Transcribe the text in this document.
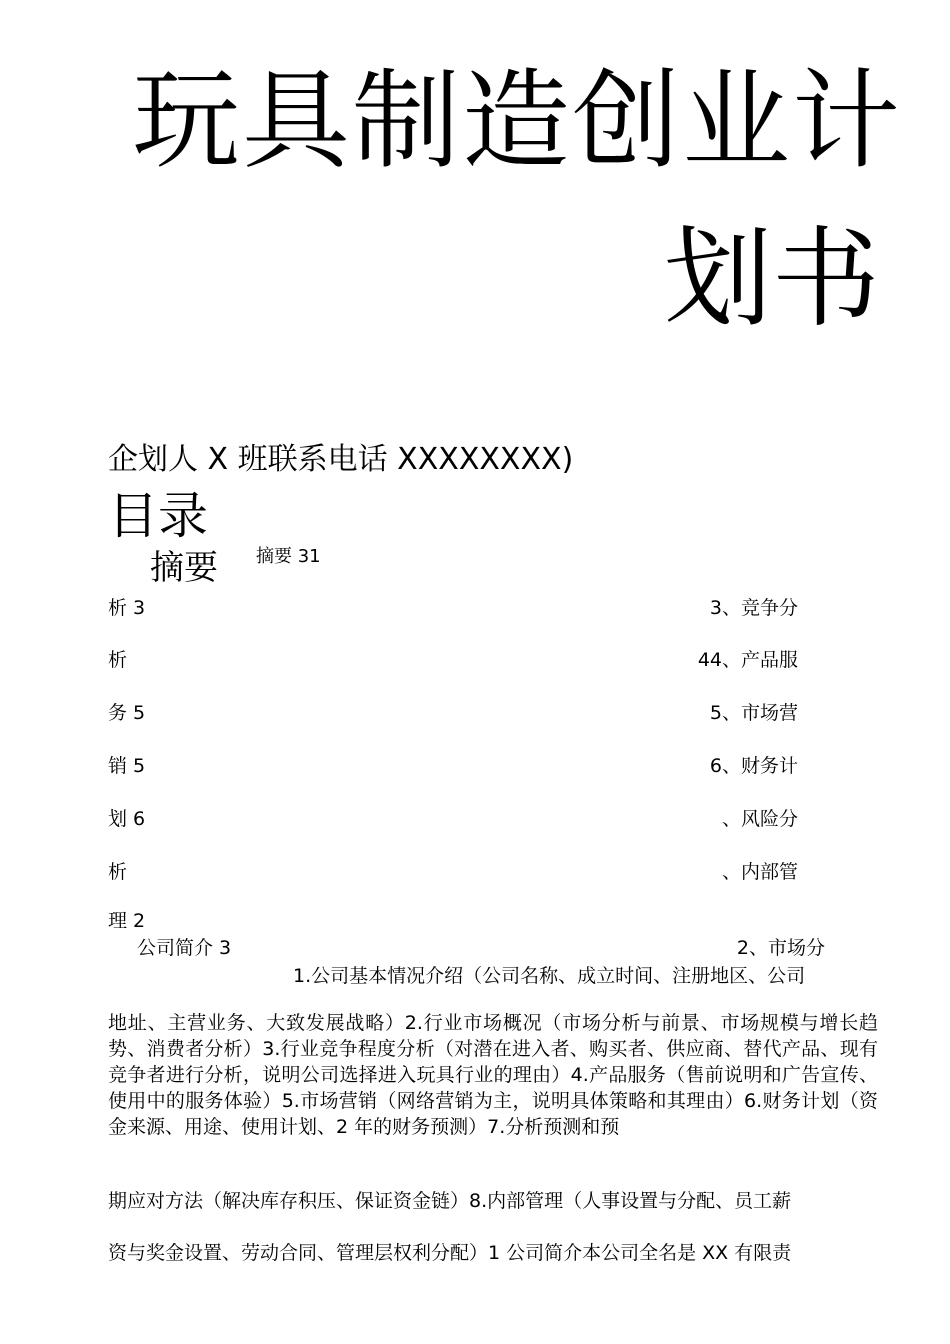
玩具制造创业计
划书
企划人 X 班联系电话 XXXXXXXX)
目录
摘要 摘要 31
析 3	3、竞争分
析	44、产品服
务 5	5、市场营
销 5	6、财务计
划 6	、风险分
析	、内部管
理 2
公司简介 3	2、市场分
1.公司基本情况介绍（公司名称、成立时间、注册地区、公司
地址、主营业务、大致发展战略）2.行业市场概况（市场分析与前景、市场规模与增长趋势、消费者分析）3.行业竞争程度分析（对潜在进入者、购买者、供应商、替代产品、现有竞争者进行分析，说明公司选择进入玩具行业的理由）4.产品服务（售前说明和广告宣传、使用中的服务体验）5.市场营销（网络营销为主，说明具体策略和其理由）6.财务计划（资金来源、用途、使用计划、2 年的财务预测）7.分析预测和预
期应对方法（解决库存积压、保证资金链）8.内部管理（人事设置与分配、员工薪
资与奖金设置、劳动合同、管理层权利分配）1 公司简介本公司全名是 XX 有限责
